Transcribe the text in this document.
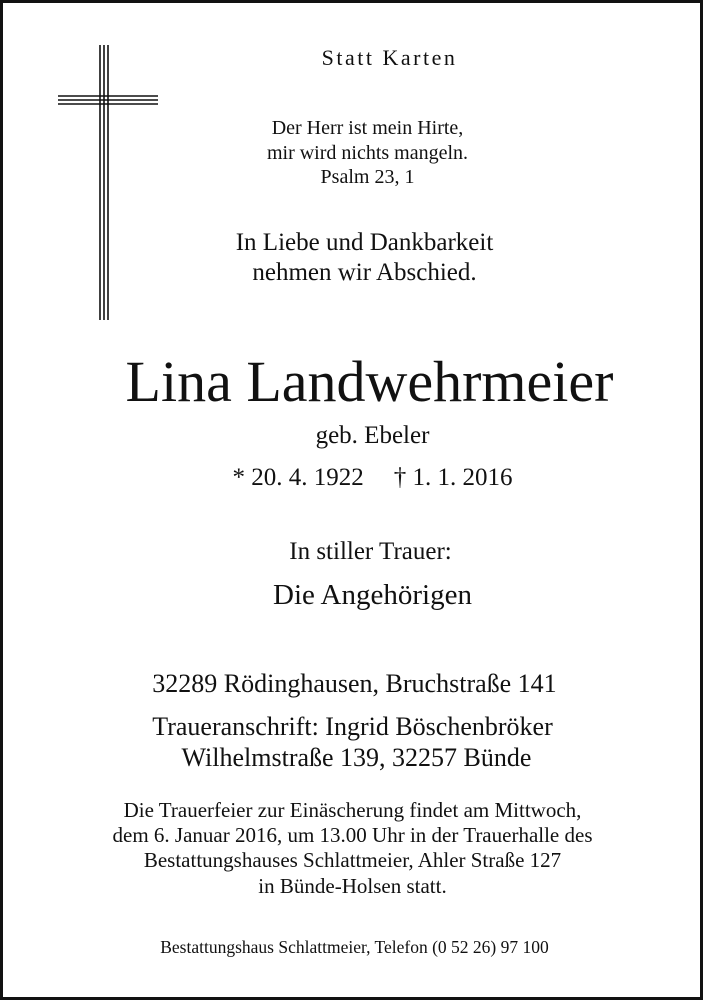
Statt Karten
Der Herr ist mein Hirte,
mir wird nichts mangeln.
Psalm 23, 1
In Liebe und Dankbarkeit
nehmen wir Abschied.
Lina Landwehrmeier
geb. Ebeler
* 20. 4. 1922 † 1. 1. 2016
In stiller Trauer:
Die Angehörigen
32289 Rödinghausen, Bruchstraße 141
Traueranschrift: Ingrid Böschenbröker
Wilhelmstraße 139, 32257 Bünde
Die Trauerfeier zur Einäscherung findet am Mittwoch,
dem 6. Januar 2016, um 13.00 Uhr in der Trauerhalle des
Bestattungshauses Schlattmeier, Ahler Straße 127
in Bünde-Holsen statt.
Bestattungshaus Schlattmeier, Telefon (0 52 26) 97 100
